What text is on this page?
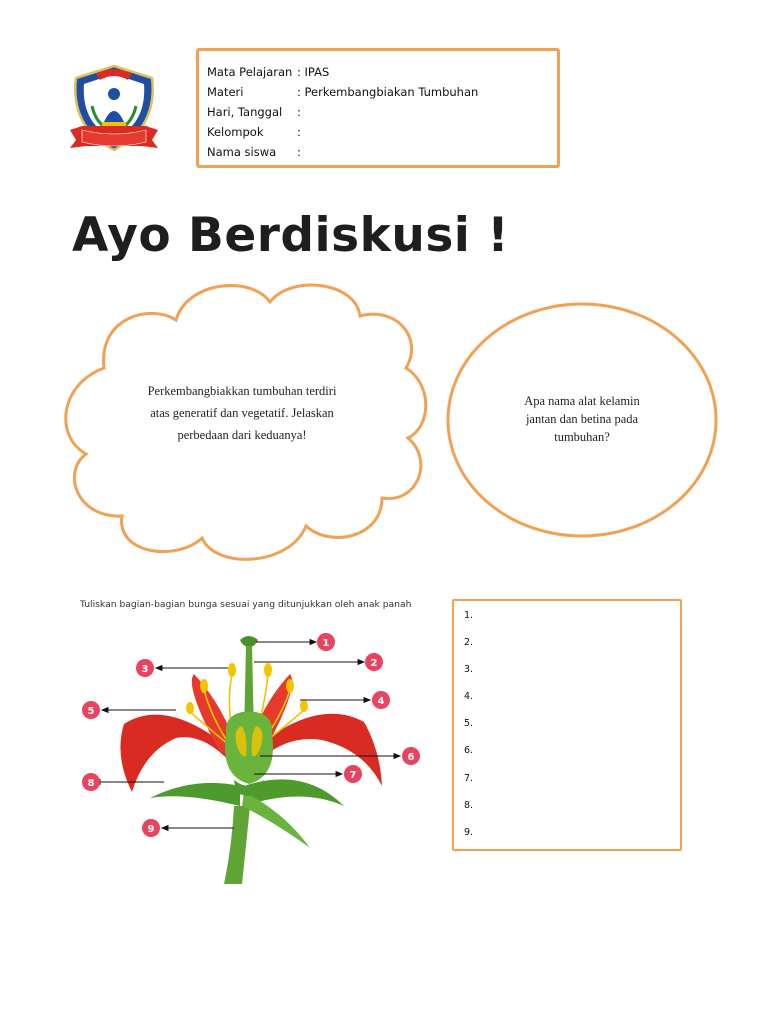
Mata Pelajaran : IPAS
Materi	: Perkembangbiakan Tumbuhan
Hari, Tanggal :
Kelompok	:
Nama siswa :
Ayo Berdiskusi !
Perkembangbiakkan tumbuhan terdiri
atas generatif dan vegetatif. Jelaskan
perbedaan dari keduanya!
Apa nama alat kelamin
jantan dan betina pada
tumbuhan?
Tuliskan bagian-bagian bunga sesuai yang ditunjukkan oleh anak panah
1
2
3
4
5
6
7
8
9
1.
2.
3.
4.
5.
6.
7.
8.
9.
